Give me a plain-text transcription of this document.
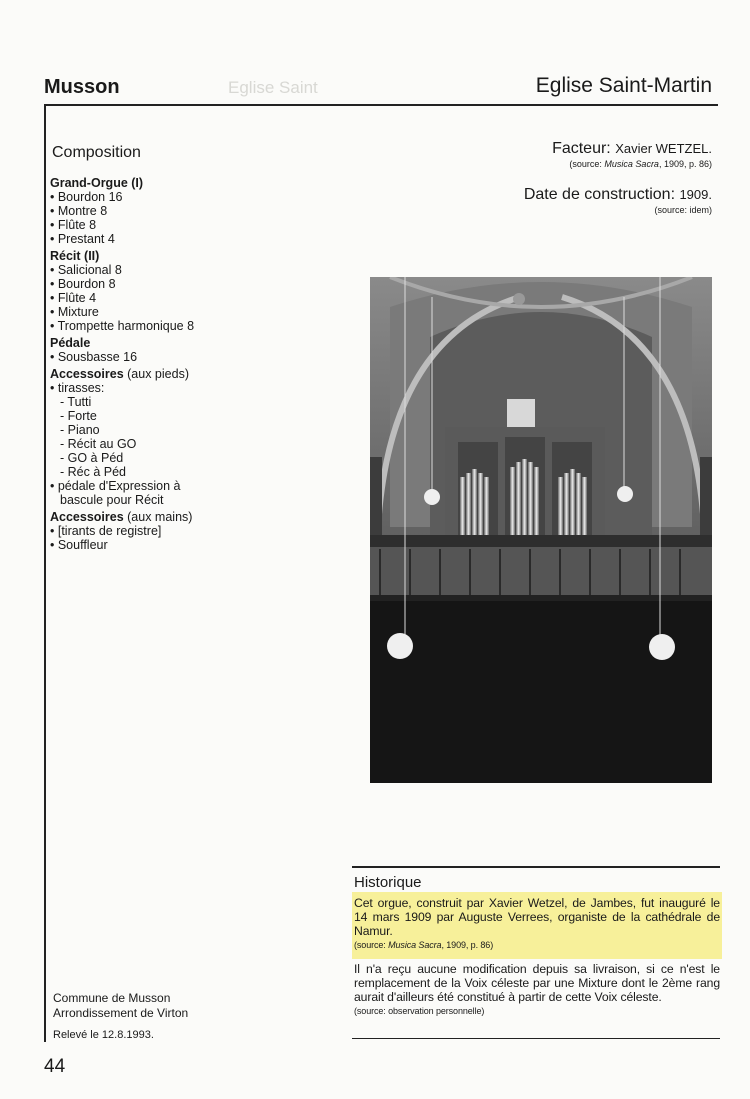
Eglise Saint
Musson	Eglise Saint-Martin
Composition
Grand-Orgue (I)
• Bourdon 16
• Montre 8
• Flûte 8
• Prestant 4
Récit (II)
• Salicional 8
• Bourdon 8
• Flûte 4
• Mixture
• Trompette harmonique 8
Pédale
• Sousbasse 16
Accessoires (aux pieds)
• tirasses:
- Tutti
- Forte
- Piano
- Récit au GO
- GO à Péd
- Réc à Péd
• pédale d'Expression à
bascule pour Récit
Accessoires (aux mains)
• [tirants de registre]
• Souffleur
Facteur: Xavier WETZEL.
(source: Musica Sacra, 1909, p. 86)
Date de construction: 1909.
(source: idem)
Historique
Cet orgue, construit par Xavier Wetzel, de Jambes, fut inauguré le 14 mars 1909 par Auguste Verrees, organiste de la cathédrale de Namur.
(source: Musica Sacra, 1909, p. 86)
Il n'a reçu aucune modification depuis sa livraison, si ce n'est le remplacement de la Voix céleste par une Mixture dont le 2ème rang aurait d'ailleurs été constitué à partir de cette Voix céleste.
(source: observation personnelle)
Commune de Musson
Arrondissement de Virton
Relevé le 12.8.1993.
44
